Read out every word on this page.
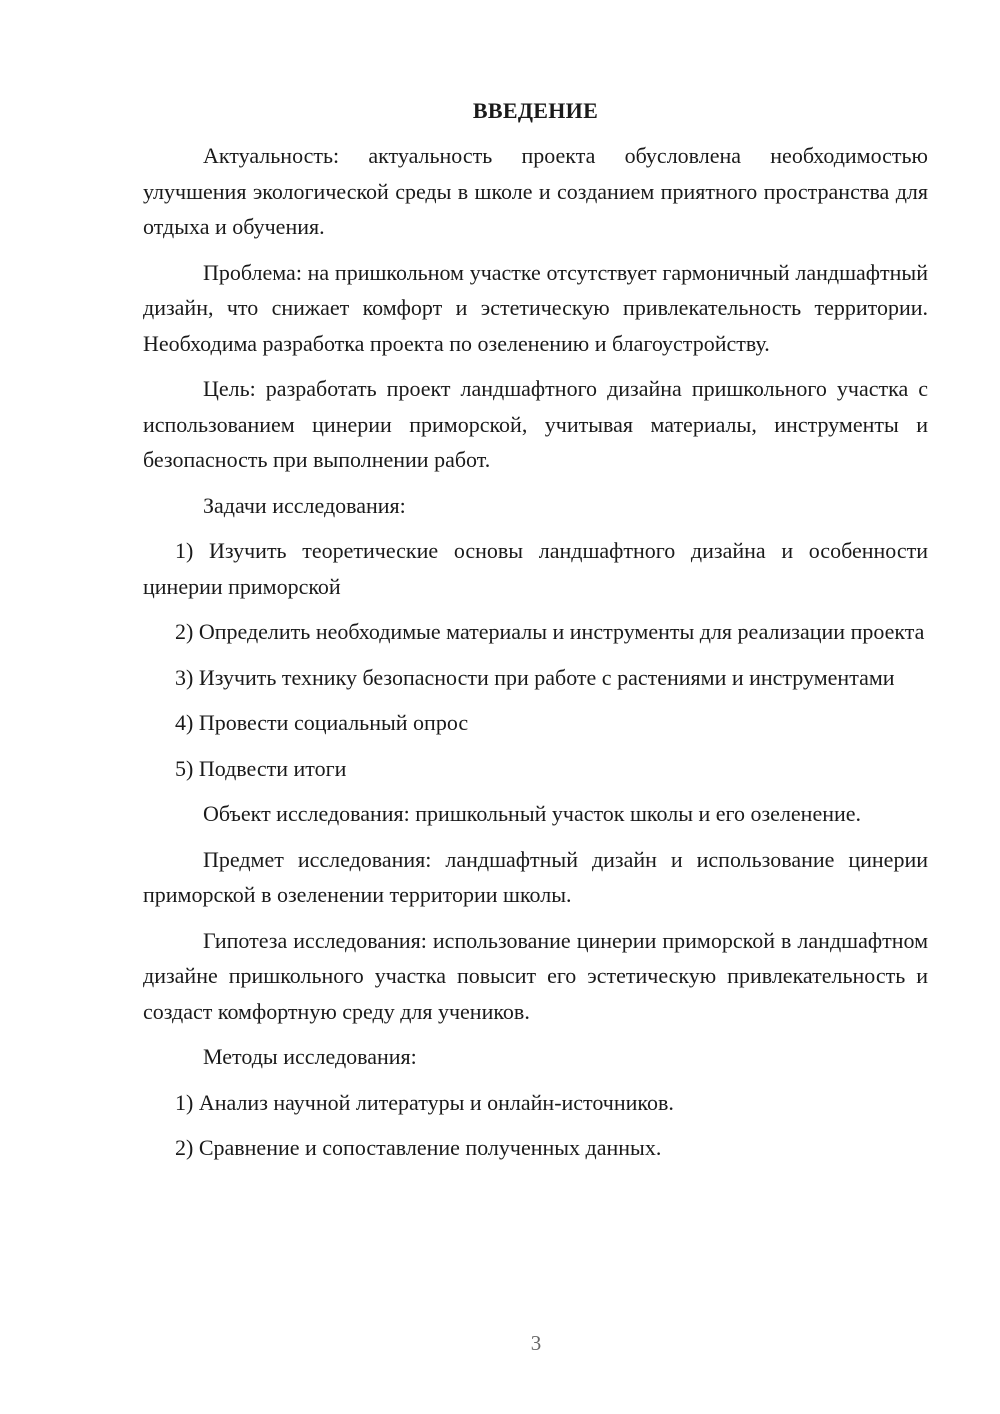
ВВЕДЕНИЕ

Актуальность: актуальность проекта обусловлена необходимостью улучшения экологической среды в школе и созданием приятного пространства для отдыха и обучения.

Проблема: на пришкольном участке отсутствует гармоничный ландшафтный дизайн, что снижает комфорт и эстетическую привлекательность территории. Необходима разработка проекта по озеленению и благоустройству.

Цель: разработать проект ландшафтного дизайна пришкольного участка с использованием цинерии приморской, учитывая материалы, инструменты и безопасность при выполнении работ.

Задачи исследования:

1) Изучить теоретические основы ландшафтного дизайна и особенности цинерии приморской

2) Определить необходимые материалы и инструменты для реализации проекта

3) Изучить технику безопасности при работе с растениями и инструментами

4) Провести социальный опрос

5) Подвести итоги

Объект исследования: пришкольный участок школы и его озеленение.

Предмет исследования: ландшафтный дизайн и использование цинерии приморской в озеленении территории школы.

Гипотеза исследования: использование цинерии приморской в ландшафтном дизайне пришкольного участка повысит его эстетическую привлекательность и создаст комфортную среду для учеников.

Методы исследования:

1) Анализ научной литературы и онлайн-источников.

2) Сравнение и сопоставление полученных данных.

3
